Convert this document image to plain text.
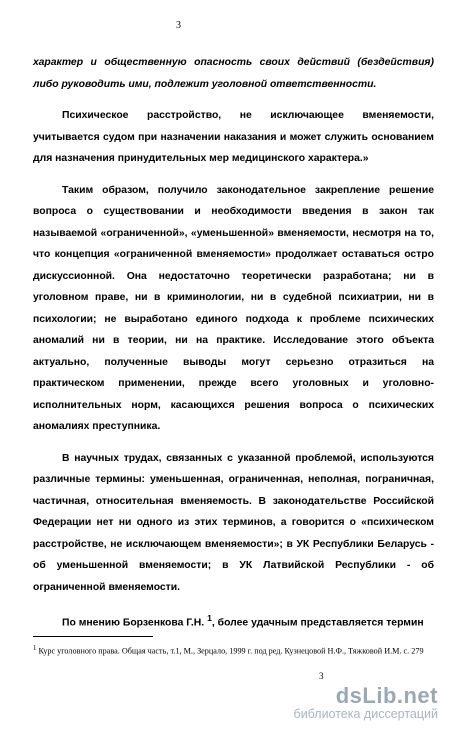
3

характер и общественную опасность своих действий (бездействия) либо руководить ими, подлежит уголовной ответственности.

Психическое расстройство, не исключающее вменяемости, учитывается судом при назначении наказания и может служить основанием для назначения принудительных мер медицинского характера.»

Таким образом, получило законодательное закрепление решение вопроса о существовании и необходимости введения в закон так называемой «ограниченной», «уменьшенной» вменяемости, несмотря на то, что концепция «ограниченной вменяемости» продолжает оставаться остро дискуссионной. Она недостаточно теоретически разработана; ни в уголовном праве, ни в криминологии, ни в судебной психиатрии, ни в психологии; не выработано единого подхода к проблеме психических аномалий ни в теории, ни на практике. Исследование этого объекта актуально, полученные выводы могут серьезно отразиться на практическом применении, прежде всего уголовных и уголовно-исполнительных норм, касающихся решения вопроса о психических аномалиях преступника.

В научных трудах, связанных с указанной проблемой, используются различные термины: уменьшенная, ограниченная, неполная, пограничная, частичная, относительная вменяемость. В законодательстве Российской Федерации нет ни одного из этих терминов, а говорится о «психическом расстройстве, не исключающем вменяемости»; в УК Республики Беларусь - об уменьшенной вменяемости; в УК Латвийской Республики - об ограниченной вменяемости.

По мнению Борзенкова Г.Н. $^1$, более удачным представляется термин

$^1$ Курс уголовного права. Общая часть, т.1, М., Зерцало, 1999 г. под ред. Кузнецовой Н.Ф., Тяжковой И.М. с. 279
3
dsLib.net
библиотека диссертаций
